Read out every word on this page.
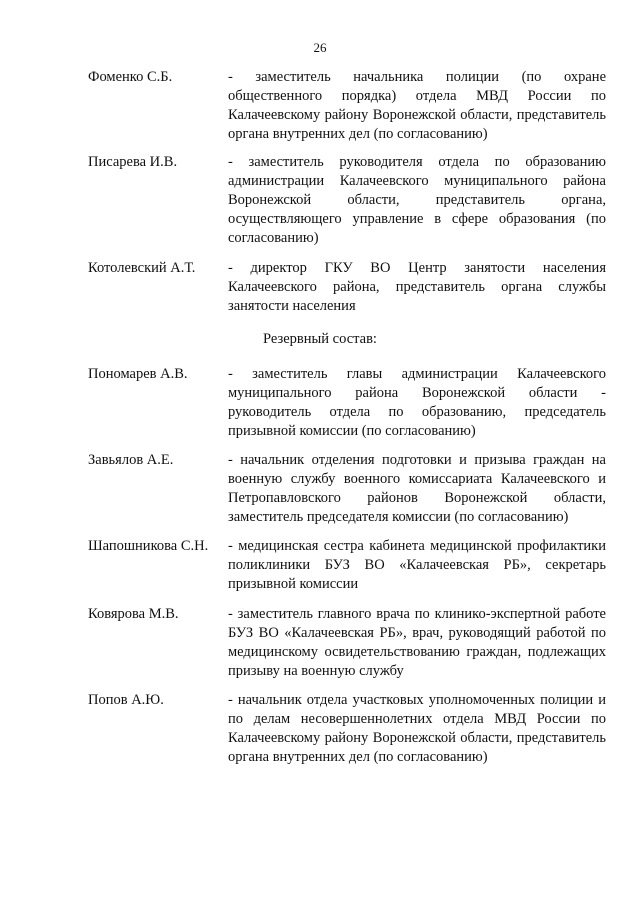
26
Фоменко С.Б.	- заместитель начальника полиции (по охране общественного порядка) отдела МВД России по Калачеевскому району Воронежской области, представитель органа внутренних дел (по согласованию)
Писарева И.В.	- заместитель руководителя отдела по образованию администрации Калачеевского муниципального района Воронежской области, представитель органа, осуществляющего управление в сфере образования (по согласованию)
Котолевский А.Т. - директор ГКУ ВО Центр занятости населения Калачеевского района, представитель органа службы занятости населения
Резервный состав:
Пономарев А.В.	- заместитель главы администрации Калачеевского муниципального района Воронежской области - руководитель отдела по образованию, председатель призывной комиссии (по согласованию)
Завьялов А.Е.	- начальник отделения подготовки и призыва граждан на военную службу военного комиссариата Калачеевского и Петропавловского районов Воронежской области, заместитель председателя комиссии (по согласованию)
Шапошникова С.Н. - медицинская сестра кабинета медицинской профилактики поликлиники БУЗ ВО «Калачеевская РБ», секретарь призывной комиссии
Ковярова М.В.	- заместитель главного врача по клинико-экспертной работе БУЗ ВО «Калачеевская РБ», врач, руководящий работой по медицинскому освидетельствованию граждан, подлежащих призыву на военную службу
Попов А.Ю.	- начальник отдела участковых уполномоченных полиции и по делам несовершеннолетних отдела МВД России по Калачеевскому району Воронежской области, представитель органа внутренних дел (по согласованию)
